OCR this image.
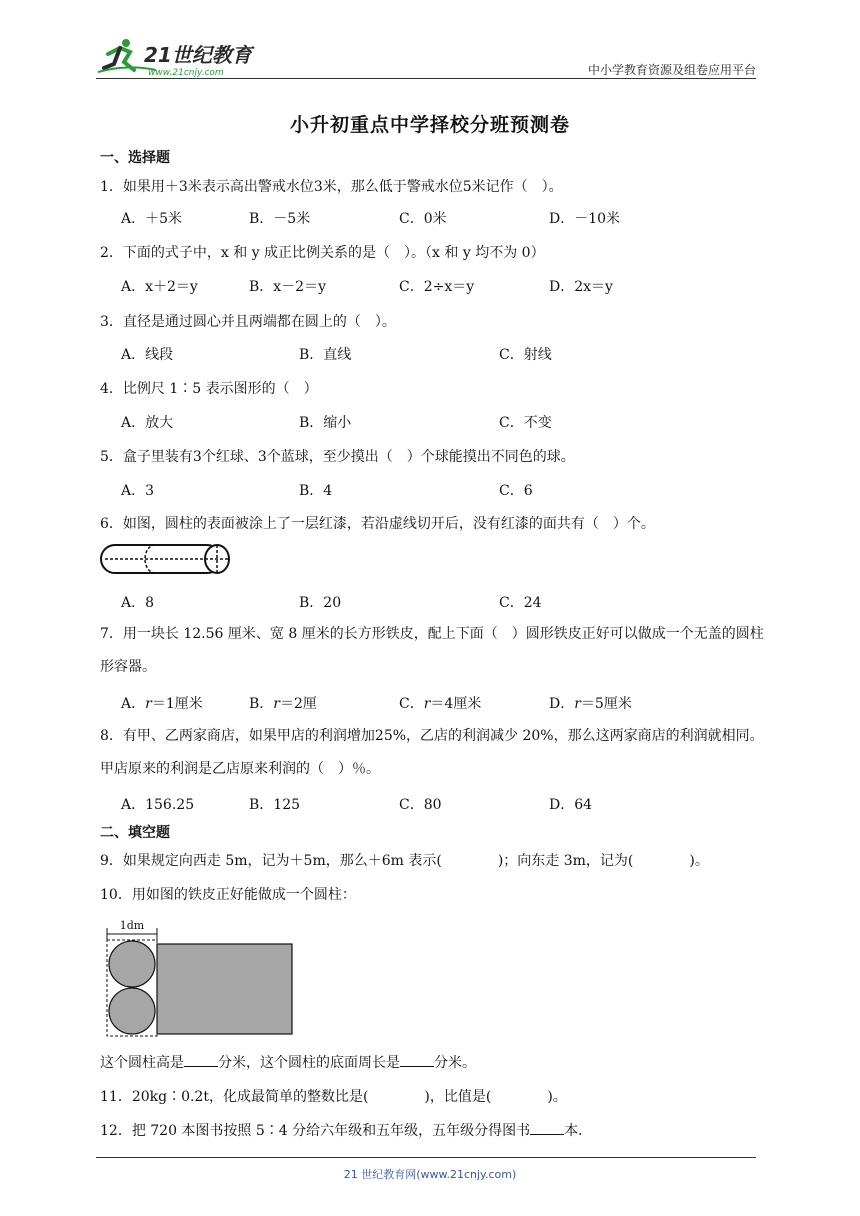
21世纪教育
www.21cnjy.com	中小学教育资源及组卷应用平台
小升初重点中学择校分班预测卷
一、选择题
1．如果用＋3米表示高出警戒水位3米，那么低于警戒水位5米记作（　）。
A．＋5米	B．－5米	C．0米	D．－10米
2．下面的式子中，x 和 y 成正比例关系的是（　）。（x 和 y 均不为 0）
A．x＋2＝y	B．x－2＝y	C．2÷x＝y	D．2x＝y
3．直径是通过圆心并且两端都在圆上的（　）。
A．线段	B．直线	C．射线
4．比例尺 1∶5 表示图形的（　）
A．放大	B．缩小	C．不变
5．盒子里装有3个红球、3个蓝球，至少摸出（　）个球能摸出不同色的球。
A．3	B．4	C．6
6．如图，圆柱的表面被涂上了一层红漆，若沿虚线切开后，没有红漆的面共有（　）个。
A．8	B．20	C．24
7．用一块长 12.56 厘米、宽 8 厘米的长方形铁皮，配上下面（　）圆形铁皮正好可以做成一个无盖的圆柱形容器。
A．r＝1厘米	B．r＝2厘	C．r＝4厘米	D．r＝5厘米
8．有甲、乙两家商店，如果甲店的利润增加25%，乙店的利润减少 20%，那么这两家商店的利润就相同。甲店原来的利润是乙店原来利润的（　）％。
A．156.25	B．125	C．80	D．64
二、填空题
9．如果规定向西走 5m，记为＋5m，那么＋6m 表示(　　　　)；向东走 3m，记为(　　　　)。
10．用如图的铁皮正好能做成一个圆柱：
1dm
这个圆柱高是 分米，这个圆柱的底面周长是 分米。
11．20kg∶0.2t，化成最简单的整数比是(　　　　)，比值是(　　　　)。
12．把 720 本图书按照 5∶4 分给六年级和五年级，五年级分得图书 本．
21 世纪教育网(www.21cnjy.com)
